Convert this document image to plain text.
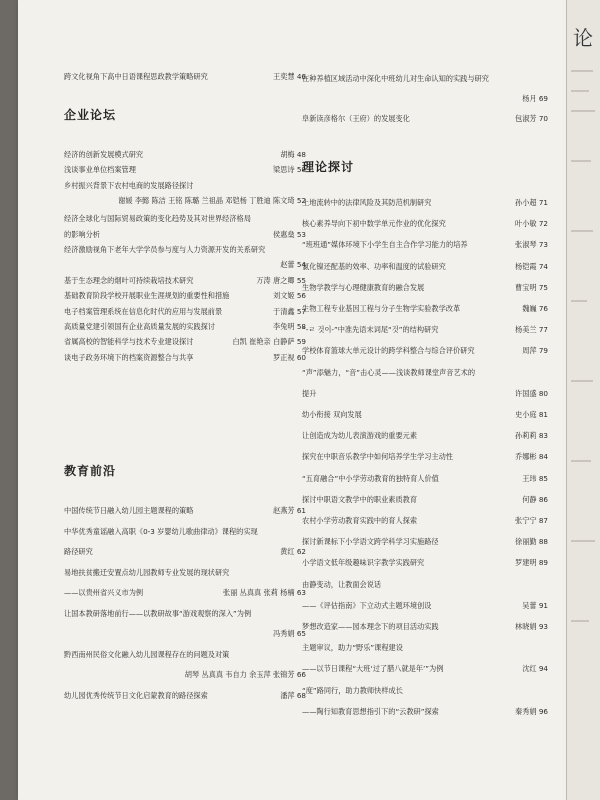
跨文化视角下高中日语课程思政教学策略研究	王奕慧 46
企业论坛
经济的创新发展模式研究	胡梅 48
浅谈事业单位档案管理	梁思诗 50
乡村振兴背景下农村电商的发展路径探讨
谢媛 李懿 陈洁 王铭 陈璐 兰祖晶 邓铠杨 丁胜迪 陈文琦 52
经济全球化与国际贸易政策的变化趋势及其对世界经济格局
的影响分析	侯惠燊 53
经济激励视角下老年大学学员参与度与人力资源开发的关系研究
赵蕾 54
基于生态理念的烟叶可持续栽培技术研究	万涛 唐之卿 55
基础教育阶段学校开展职业生涯规划的重要性和措施	刘文姬 56
电子档案管理系统在信息化时代的应用与发展前景	于清鑫 57
高质量党建引领国有企业高质量发展的实践探讨	李兔明 58
省属高校的智能科学与技术专业建设探讨	白凯 崔艳亲 白静萨 59
谈电子政务环境下的档案资源整合与共享	罗正视 60
教育前沿
中国传统节日融入幼儿园主题课程的策略	赵燕芳 61
中华优秀童谣融入高职《0-3 岁婴幼儿歌曲律动》课程的实现
路径研究	黄红 62
易地扶贫搬迁安置点幼儿园教师专业发展的现状研究
——以贵州省兴义市为例	张丽 丛真真 张莉 杨楠 63
让国本教研落地前行——以教研故事“游戏观察的深入”为例
冯秀娟 65
黔西南州民俗文化融入幼儿园课程存在的问题及对策
胡琴 丛真真 韦自力 余玉萍 张锦芳 66
幼儿园优秀传统节日文化启蒙教育的路径探索	潘萍 68
在种养植区域活动中深化中班幼儿对生命认知的实践与研究
杨月 69
阜新读彦格尔（王府）的发展变化	包淑芳 70
理论探讨
土地流转中的法律风险及其防范机制研究	孙小超 71
核心素养导向下初中数学单元作业的优化探究	叶小敏 72
“班班通”媒体环境下小学生自主合作学习能力的培养	张淑琴 73
氯化镍还配基的效率、功率和温度的试验研究	杨铠霞 74
生物学教学与心理健康教育的融合发展	曹宝明 75
生物工程专业基因工程与分子生物学实验教学改革	魏巍 76
“-ㄹ 것이-”中准先语末词尾“것”的结构研究	杨美兰 77
学校体育篮球大单元设计的跨学科整合与综合评价研究	周萍 79
“声”添魅力，“音”击心灵——浅谈教师课堂声音艺术的
提升	许国盛 80
幼小衔接 双向发展	史小庭 81
让创造成为幼儿表演游戏的重要元素	孙莉莉 83
探究在中职音乐教学中如何培养学生学习主动性	乔娜彬 84
“五育融合”中小学劳动教育的独特育人价值	王玮 85
探讨中职语文教学中的职业素质教育	何静 86
农村小学劳动教育实践中的育人探索	张宁宁 87
探讨新课标下小学语文跨学科学习实施路径	徐丽勤 88
小学语文低年级趣味识字教学实践研究	罗建明 89
由静变动，让教面会说话
——《评估指南》下立动式主题环境创设	吴蕾 91
梦想改造家——园本理念下的项目活动实践	林晓娟 93
主题审议，助力“野乐”课程建设
——以节日课程“大班‘过了腊八就是年’”为例	沈红 94
“度”路同行，助力教师快样成长
——陶行知教育思想指引下的“云教研”探索	秦秀娟 96
论
